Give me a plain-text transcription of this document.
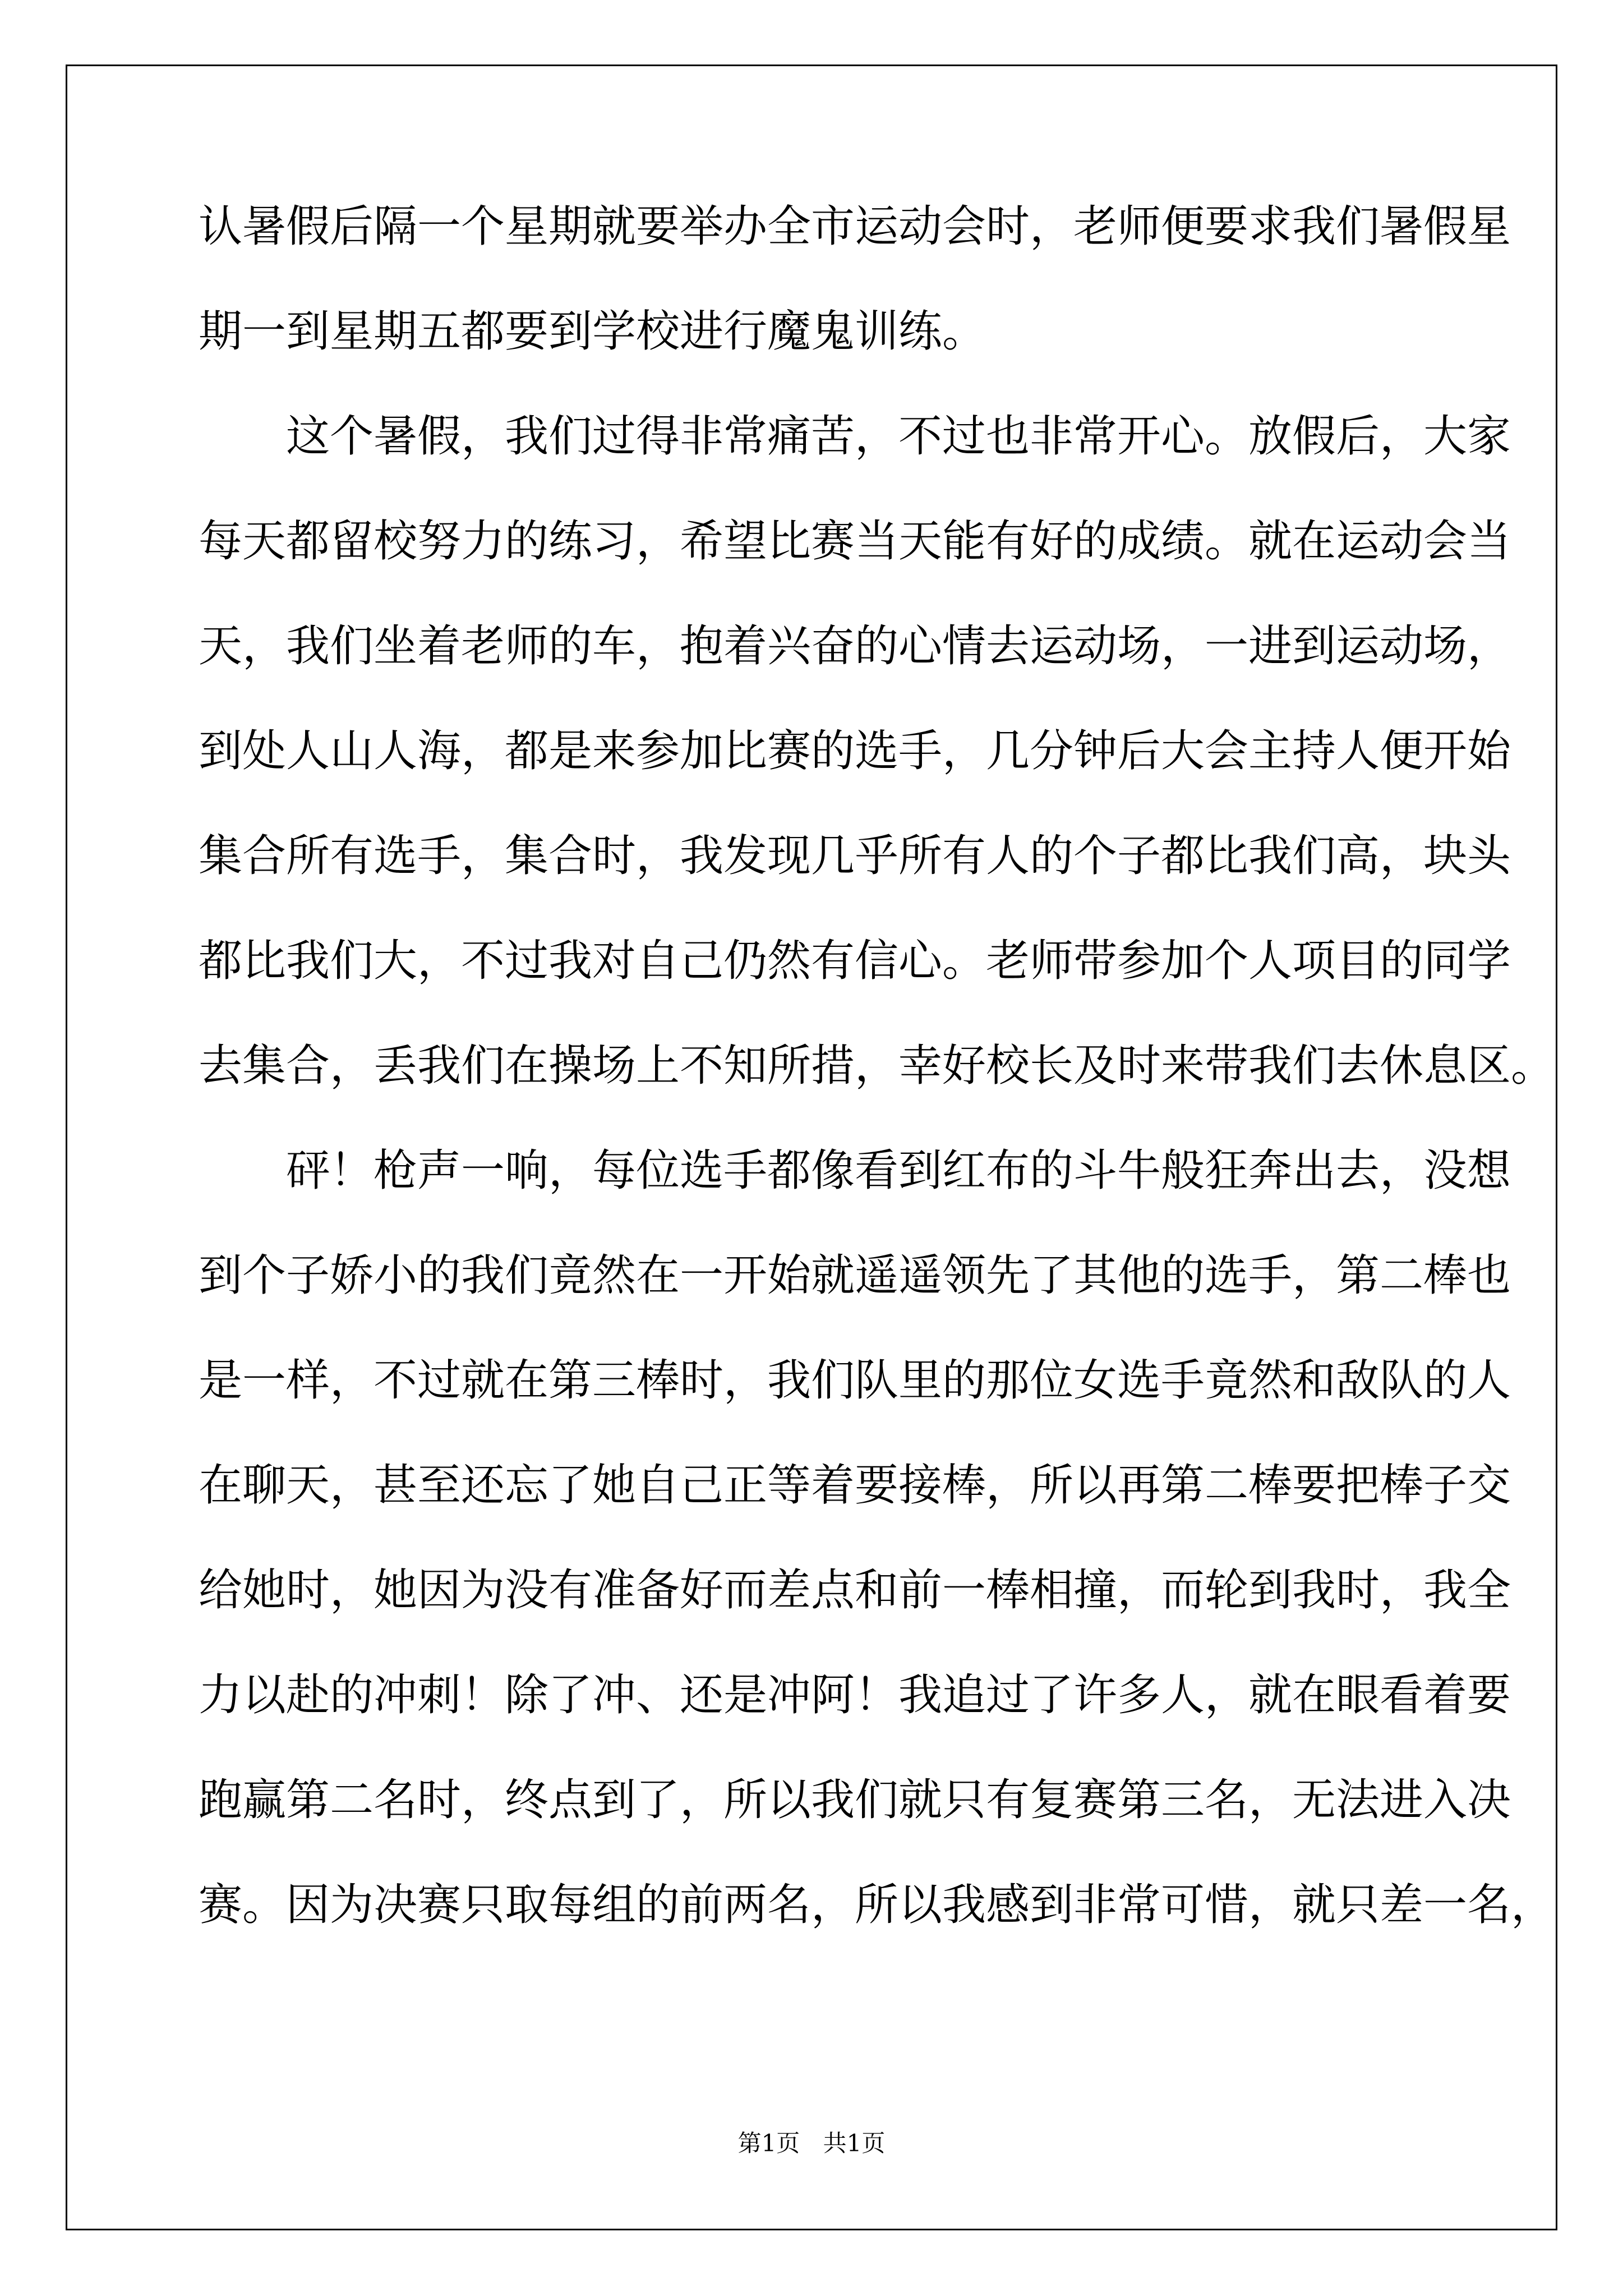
认暑假后隔一个星期就要举办全市运动会时，老师便要求我们暑假星
期一到星期五都要到学校进行魔鬼训练。
　　这个暑假，我们过得非常痛苦，不过也非常开心。放假后，大家
每天都留校努力的练习，希望比赛当天能有好的成绩。就在运动会当
天，我们坐着老师的车，抱着兴奋的心情去运动场，一进到运动场，
到处人山人海，都是来参加比赛的选手，几分钟后大会主持人便开始
集合所有选手，集合时，我发现几乎所有人的个子都比我们高，块头
都比我们大，不过我对自己仍然有信心。老师带参加个人项目的同学
去集合，丢我们在操场上不知所措，幸好校长及时来带我们去休息区。
　　砰！枪声一响，每位选手都像看到红布的斗牛般狂奔出去，没想
到个子娇小的我们竟然在一开始就遥遥领先了其他的选手，第二棒也
是一样，不过就在第三棒时，我们队里的那位女选手竟然和敌队的人
在聊天，甚至还忘了她自己正等着要接棒，所以再第二棒要把棒子交
给她时，她因为没有准备好而差点和前一棒相撞，而轮到我时，我全
力以赴的冲刺！除了冲、还是冲阿！我追过了许多人，就在眼看着要
跑赢第二名时，终点到了，所以我们就只有复赛第三名，无法进入决
赛。因为决赛只取每组的前两名，所以我感到非常可惜，就只差一名，
第1页 共1页
